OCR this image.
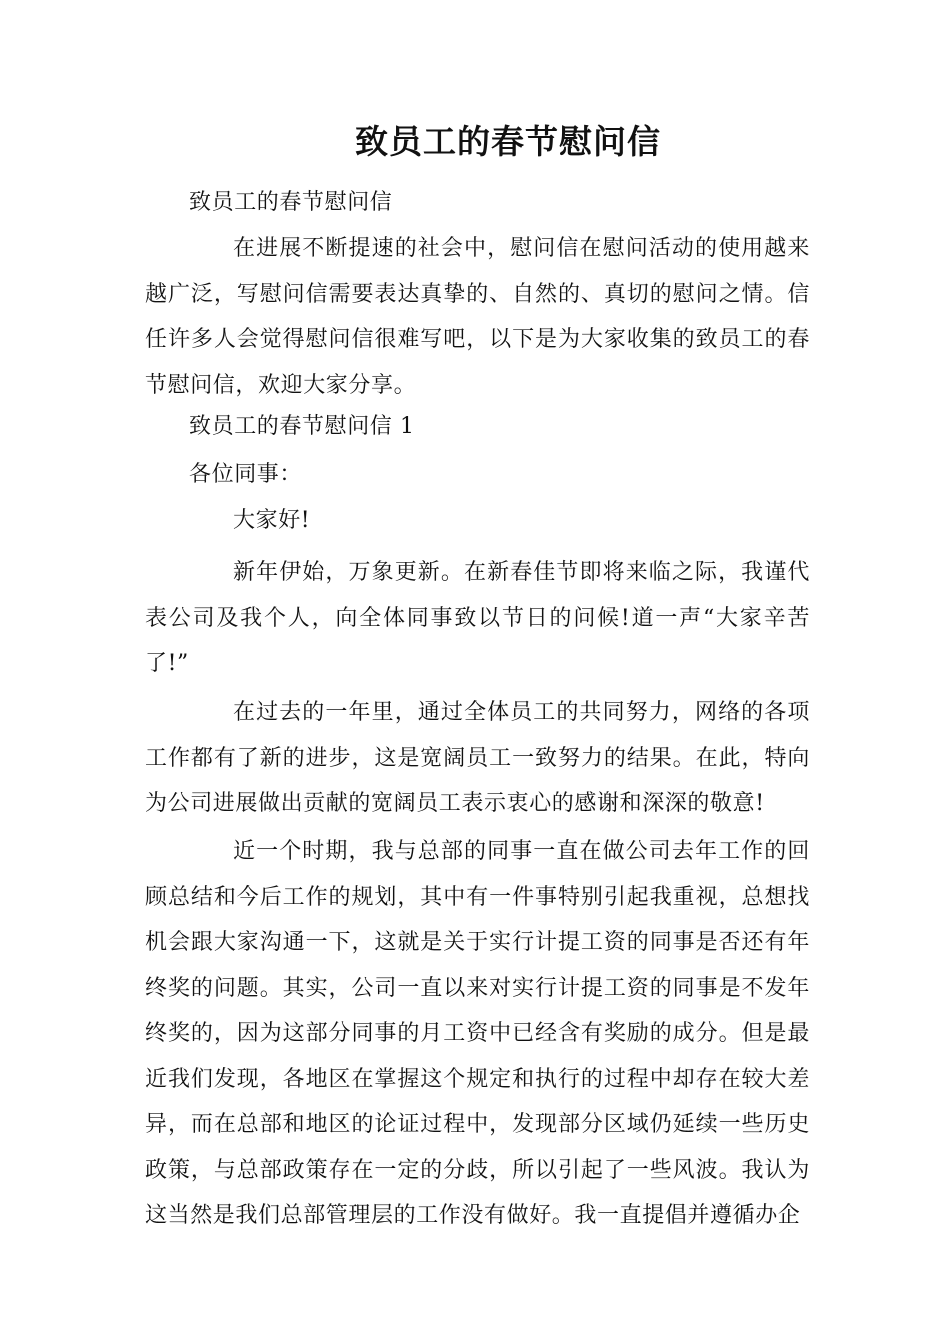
致员工的春节慰问信

致员工的春节慰问信

在进展不断提速的社会中，慰问信在慰问活动的使用越来越广泛，写慰问信需要表达真挚的、自然的、真切的慰问之情。信任许多人会觉得慰问信很难写吧，以下是为大家收集的致员工的春节慰问信，欢迎大家分享。

致员工的春节慰问信 1

各位同事：

大家好!

新年伊始，万象更新。在新春佳节即将来临之际，我谨代表公司及我个人，向全体同事致以节日的问候!道一声“大家辛苦了!”

在过去的一年里，通过全体员工的共同努力，网络的各项工作都有了新的进步，这是宽阔员工一致努力的结果。在此，特向为公司进展做出贡献的宽阔员工表示衷心的感谢和深深的敬意!

近一个时期，我与总部的同事一直在做公司去年工作的回顾总结和今后工作的规划，其中有一件事特别引起我重视，总想找机会跟大家沟通一下，这就是关于实行计提工资的同事是否还有年终奖的问题。其实，公司一直以来对实行计提工资的同事是不发年终奖的，因为这部分同事的月工资中已经含有奖励的成分。但是最近我们发现，各地区在掌握这个规定和执行的过程中却存在较大差异，而在总部和地区的论证过程中，发现部分区域仍延续一些历史政策，与总部政策存在一定的分歧，所以引起了一些风波。我认为这当然是我们总部管理层的工作没有做好。我一直提倡并遵循办企
